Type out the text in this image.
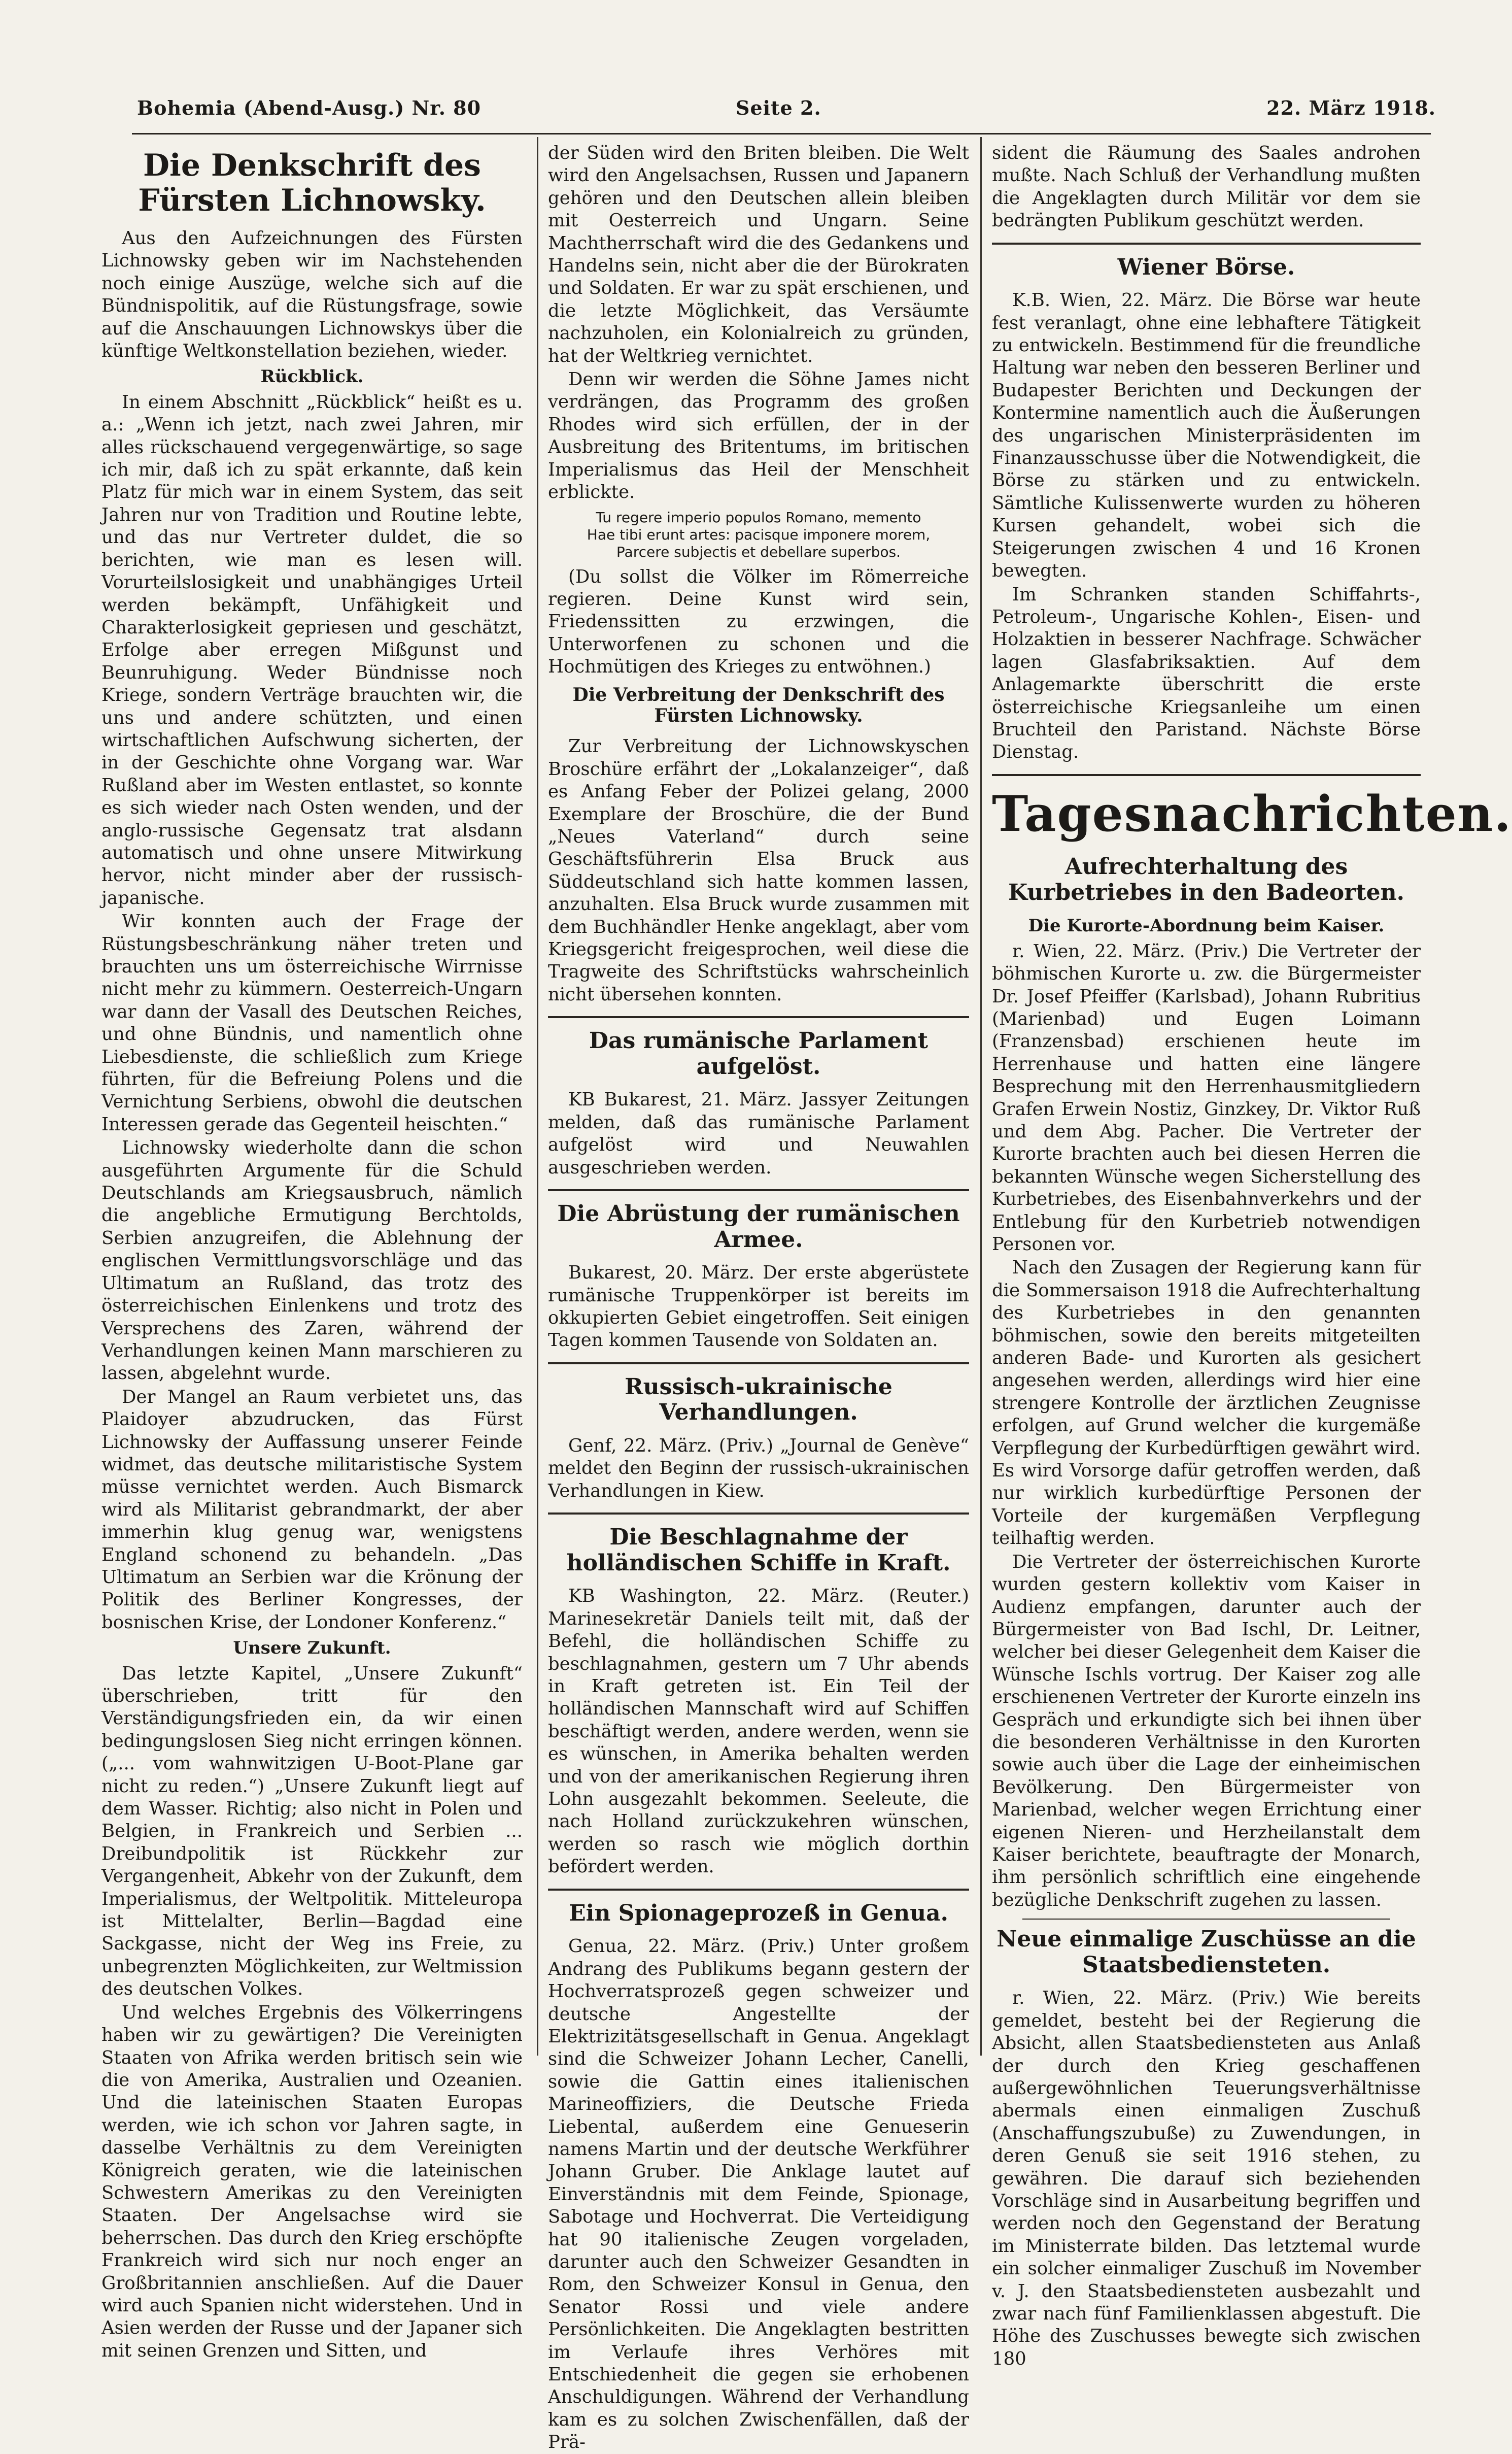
Bohemia (Abend-Ausg.) Nr. 80	Seite 2.	22. März 1918.
Die Denkschrift des Fürsten Lichnowsky.

Aus den Aufzeichnungen des Fürsten Lichnowsky geben wir im Nachstehenden noch einige Auszüge, welche sich auf die Bündnispolitik, auf die Rüstungsfrage, sowie auf die Anschauungen Lichnowskys über die künftige Weltkonstellation beziehen, wieder.

Rückblick.

In einem Abschnitt „Rückblick“ heißt es u. a.: „Wenn ich jetzt, nach zwei Jahren, mir alles rückschauend vergegenwärtige, so sage ich mir, daß ich zu spät erkannte, daß kein Platz für mich war in einem System, das seit Jahren nur von Tradition und Routine lebte, und das nur Vertreter duldet, die so berichten, wie man es lesen will. Vorurteilslosigkeit und unabhängiges Urteil werden bekämpft, Unfähigkeit und Charakterlosigkeit gepriesen und geschätzt, Erfolge aber erregen Mißgunst und Beunruhigung. Weder Bündnisse noch Kriege, sondern Verträge brauchten wir, die uns und andere schützten, und einen wirtschaftlichen Aufschwung sicherten, der in der Geschichte ohne Vorgang war. War Rußland aber im Westen entlastet, so konnte es sich wieder nach Osten wenden, und der anglo-russische Gegensatz trat alsdann automatisch und ohne unsere Mitwirkung hervor, nicht minder aber der russisch-japanische.

Wir konnten auch der Frage der Rüstungsbeschränkung näher treten und brauchten uns um österreichische Wirrnisse nicht mehr zu kümmern. Oesterreich-Ungarn war dann der Vasall des Deutschen Reiches, und ohne Bündnis, und namentlich ohne Liebesdienste, die schließlich zum Kriege führten, für die Befreiung Polens und die Vernichtung Serbiens, obwohl die deutschen Interessen gerade das Gegenteil heischten.“

Lichnowsky wiederholte dann die schon ausgeführten Argumente für die Schuld Deutschlands am Kriegsausbruch, nämlich die angebliche Ermutigung Berchtolds, Serbien anzugreifen, die Ablehnung der englischen Vermittlungsvorschläge und das Ultimatum an Rußland, das trotz des österreichischen Einlenkens und trotz des Versprechens des Zaren, während der Verhandlungen keinen Mann marschieren zu lassen, abgelehnt wurde.

Der Mangel an Raum verbietet uns, das Plaidoyer abzudrucken, das Fürst Lichnowsky der Auffassung unserer Feinde widmet, das deutsche militaristische System müsse vernichtet werden. Auch Bismarck wird als Militarist gebrandmarkt, der aber immerhin klug genug war, wenigstens England schonend zu behandeln. „Das Ultimatum an Serbien war die Krönung der Politik des Berliner Kongresses, der bosnischen Krise, der Londoner Konferenz.“

Unsere Zukunft.

Das letzte Kapitel, „Unsere Zukunft“ überschrieben, tritt für den Verständigungsfrieden ein, da wir einen bedingungslosen Sieg nicht erringen können. („... vom wahnwitzigen U-Boot-Plane gar nicht zu reden.“) „Unsere Zukunft liegt auf dem Wasser. Richtig; also nicht in Polen und Belgien, in Frankreich und Serbien ... Dreibundpolitik ist Rückkehr zur Vergangenheit, Abkehr von der Zukunft, dem Imperialismus, der Weltpolitik. Mitteleuropa ist Mittelalter, Berlin—Bagdad eine Sackgasse, nicht der Weg ins Freie, zu unbegrenzten Möglichkeiten, zur Weltmission des deutschen Volkes.

Und welches Ergebnis des Völkerringens haben wir zu gewärtigen? Die Vereinigten Staaten von Afrika werden britisch sein wie die von Amerika, Australien und Ozeanien. Und die lateinischen Staaten Europas werden, wie ich schon vor Jahren sagte, in dasselbe Verhältnis zu dem Vereinigten Königreich geraten, wie die lateinischen Schwestern Amerikas zu den Vereinigten Staaten. Der Angelsachse wird sie beherrschen. Das durch den Krieg erschöpfte Frankreich wird sich nur noch enger an Großbritannien anschließen. Auf die Dauer wird auch Spanien nicht widerstehen. Und in Asien werden der Russe und der Japaner sich mit seinen Grenzen und Sitten, und

der Süden wird den Briten bleiben. Die Welt wird den Angelsachsen, Russen und Japanern gehören und den Deutschen allein bleiben mit Oesterreich und Ungarn. Seine Machtherrschaft wird die des Gedankens und Handelns sein, nicht aber die der Bürokraten und Soldaten. Er war zu spät erschienen, und die letzte Möglichkeit, das Versäumte nachzuholen, ein Kolonialreich zu gründen, hat der Weltkrieg vernichtet.

Denn wir werden die Söhne James nicht verdrängen, das Programm des großen Rhodes wird sich erfüllen, der in der Ausbreitung des Britentums, im britischen Imperialismus das Heil der Menschheit erblickte.

Tu regere imperio populos Romano, memento
Hae tibi erunt artes: pacisque imponere morem,
Parcere subjectis et debellare superbos.

(Du sollst die Völker im Römerreiche regieren. Deine Kunst wird sein, Friedenssitten zu erzwingen, die Unterworfenen zu schonen und die Hochmütigen des Krieges zu entwöhnen.)

Die Verbreitung der Denkschrift des Fürsten Lichnowsky.

Zur Verbreitung der Lichnowskyschen Broschüre erfährt der „Lokalanzeiger“, daß es Anfang Feber der Polizei gelang, 2000 Exemplare der Broschüre, die der Bund „Neues Vaterland“ durch seine Geschäftsführerin Elsa Bruck aus Süddeutschland sich hatte kommen lassen, anzuhalten. Elsa Bruck wurde zusammen mit dem Buchhändler Henke angeklagt, aber vom Kriegsgericht freigesprochen, weil diese die Tragweite des Schriftstücks wahrscheinlich nicht übersehen konnten.

Das rumänische Parlament aufgelöst.

KB Bukarest, 21. März. Jassyer Zeitungen melden, daß das rumänische Parlament aufgelöst wird und Neuwahlen ausgeschrieben werden.

Die Abrüstung der rumänischen Armee.

Bukarest, 20. März. Der erste abgerüstete rumänische Truppenkörper ist bereits im okkupierten Gebiet eingetroffen. Seit einigen Tagen kommen Tausende von Soldaten an.

Russisch-ukrainische Verhandlungen.

Genf, 22. März. (Priv.) „Journal de Genève“ meldet den Beginn der russisch-ukrainischen Verhandlungen in Kiew.

Die Beschlagnahme der holländischen Schiffe in Kraft.

KB Washington, 22. März. (Reuter.) Marinesekretär Daniels teilt mit, daß der Befehl, die holländischen Schiffe zu beschlagnahmen, gestern um 7 Uhr abends in Kraft getreten ist. Ein Teil der holländischen Mannschaft wird auf Schiffen beschäftigt werden, andere werden, wenn sie es wünschen, in Amerika behalten werden und von der amerikanischen Regierung ihren Lohn ausgezahlt bekommen. Seeleute, die nach Holland zurückzukehren wünschen, werden so rasch wie möglich dorthin befördert werden.

Ein Spionageprozeß in Genua.

Genua, 22. März. (Priv.) Unter großem Andrang des Publikums begann gestern der Hochverratsprozeß gegen schweizer und deutsche Angestellte der Elektrizitätsgesellschaft in Genua. Angeklagt sind die Schweizer Johann Lecher, Canelli, sowie die Gattin eines italienischen Marineoffiziers, die Deutsche Frieda Liebental, außerdem eine Genueserin namens Martin und der deutsche Werkführer Johann Gruber. Die Anklage lautet auf Einverständnis mit dem Feinde, Spionage, Sabotage und Hochverrat. Die Verteidigung hat 90 italienische Zeugen vorgeladen, darunter auch den Schweizer Gesandten in Rom, den Schweizer Konsul in Genua, den Senator Rossi und viele andere Persönlichkeiten. Die Angeklagten bestritten im Verlaufe ihres Verhöres mit Entschiedenheit die gegen sie erhobenen Anschuldigungen. Während der Verhandlung kam es zu solchen Zwischenfällen, daß der Prä-

sident die Räumung des Saales androhen mußte. Nach Schluß der Verhandlung mußten die Angeklagten durch Militär vor dem sie bedrängten Publikum geschützt werden.

Wiener Börse.

K.B. Wien, 22. März. Die Börse war heute fest veranlagt, ohne eine lebhaftere Tätigkeit zu entwickeln. Bestimmend für die freundliche Haltung war neben den besseren Berliner und Budapester Berichten und Deckungen der Kontermine namentlich auch die Äußerungen des ungarischen Ministerpräsidenten im Finanzausschusse über die Notwendigkeit, die Börse zu stärken und zu entwickeln. Sämtliche Kulissenwerte wurden zu höheren Kursen gehandelt, wobei sich die Steigerungen zwischen 4 und 16 Kronen bewegten.

Im Schranken standen Schiffahrts-, Petroleum-, Ungarische Kohlen-, Eisen- und Holzaktien in besserer Nachfrage. Schwächer lagen Glasfabriksaktien. Auf dem Anlagemarkte überschritt die erste österreichische Kriegsanleihe um einen Bruchteil den Paristand. Nächste Börse Dienstag.

Tagesnachrichten.
Aufrechterhaltung des Kurbetriebes in den Badeorten.
Die Kurorte-Abordnung beim Kaiser.

r. Wien, 22. März. (Priv.) Die Vertreter der böhmischen Kurorte u. zw. die Bürgermeister Dr. Josef Pfeiffer (Karlsbad), Johann Rubritius (Marienbad) und Eugen Loimann (Franzensbad) erschienen heute im Herrenhause und hatten eine längere Besprechung mit den Herrenhausmitgliedern Grafen Erwein Nostiz, Ginzkey, Dr. Viktor Ruß und dem Abg. Pacher. Die Vertreter der Kurorte brachten auch bei diesen Herren die bekannten Wünsche wegen Sicherstellung des Kurbetriebes, des Eisenbahnverkehrs und der Entlebung für den Kurbetrieb notwendigen Personen vor.

Nach den Zusagen der Regierung kann für die Sommersaison 1918 die Aufrechterhaltung des Kurbetriebes in den genannten böhmischen, sowie den bereits mitgeteilten anderen Bade- und Kurorten als gesichert angesehen werden, allerdings wird hier eine strengere Kontrolle der ärztlichen Zeugnisse erfolgen, auf Grund welcher die kurgemäße Verpflegung der Kurbedürftigen gewährt wird. Es wird Vorsorge dafür getroffen werden, daß nur wirklich kurbedürftige Personen der Vorteile der kurgemäßen Verpflegung teilhaftig werden.

Die Vertreter der österreichischen Kurorte wurden gestern kollektiv vom Kaiser in Audienz empfangen, darunter auch der Bürgermeister von Bad Ischl, Dr. Leitner, welcher bei dieser Gelegenheit dem Kaiser die Wünsche Ischls vortrug. Der Kaiser zog alle erschienenen Vertreter der Kurorte einzeln ins Gespräch und erkundigte sich bei ihnen über die besonderen Verhältnisse in den Kurorten sowie auch über die Lage der einheimischen Bevölkerung. Den Bürgermeister von Marienbad, welcher wegen Errichtung einer eigenen Nieren- und Herzheilanstalt dem Kaiser berichtete, beauftragte der Monarch, ihm persönlich schriftlich eine eingehende bezügliche Denkschrift zugehen zu lassen.

Neue einmalige Zuschüsse an die Staatsbediensteten.

r. Wien, 22. März. (Priv.) Wie bereits gemeldet, besteht bei der Regierung die Absicht, allen Staatsbediensteten aus Anlaß der durch den Krieg geschaffenen außergewöhnlichen Teuerungsverhältnisse abermals einen einmaligen Zuschuß (Anschaffungszubuße) zu Zuwendungen, in deren Genuß sie seit 1916 stehen, zu gewähren. Die darauf sich beziehenden Vorschläge sind in Ausarbeitung begriffen und werden noch den Gegenstand der Beratung im Ministerrate bilden. Das letztemal wurde ein solcher einmaliger Zuschuß im November v. J. den Staatsbediensteten ausbezahlt und zwar nach fünf Familienklassen abgestuft. Die Höhe des Zuschusses bewegte sich zwischen 180
